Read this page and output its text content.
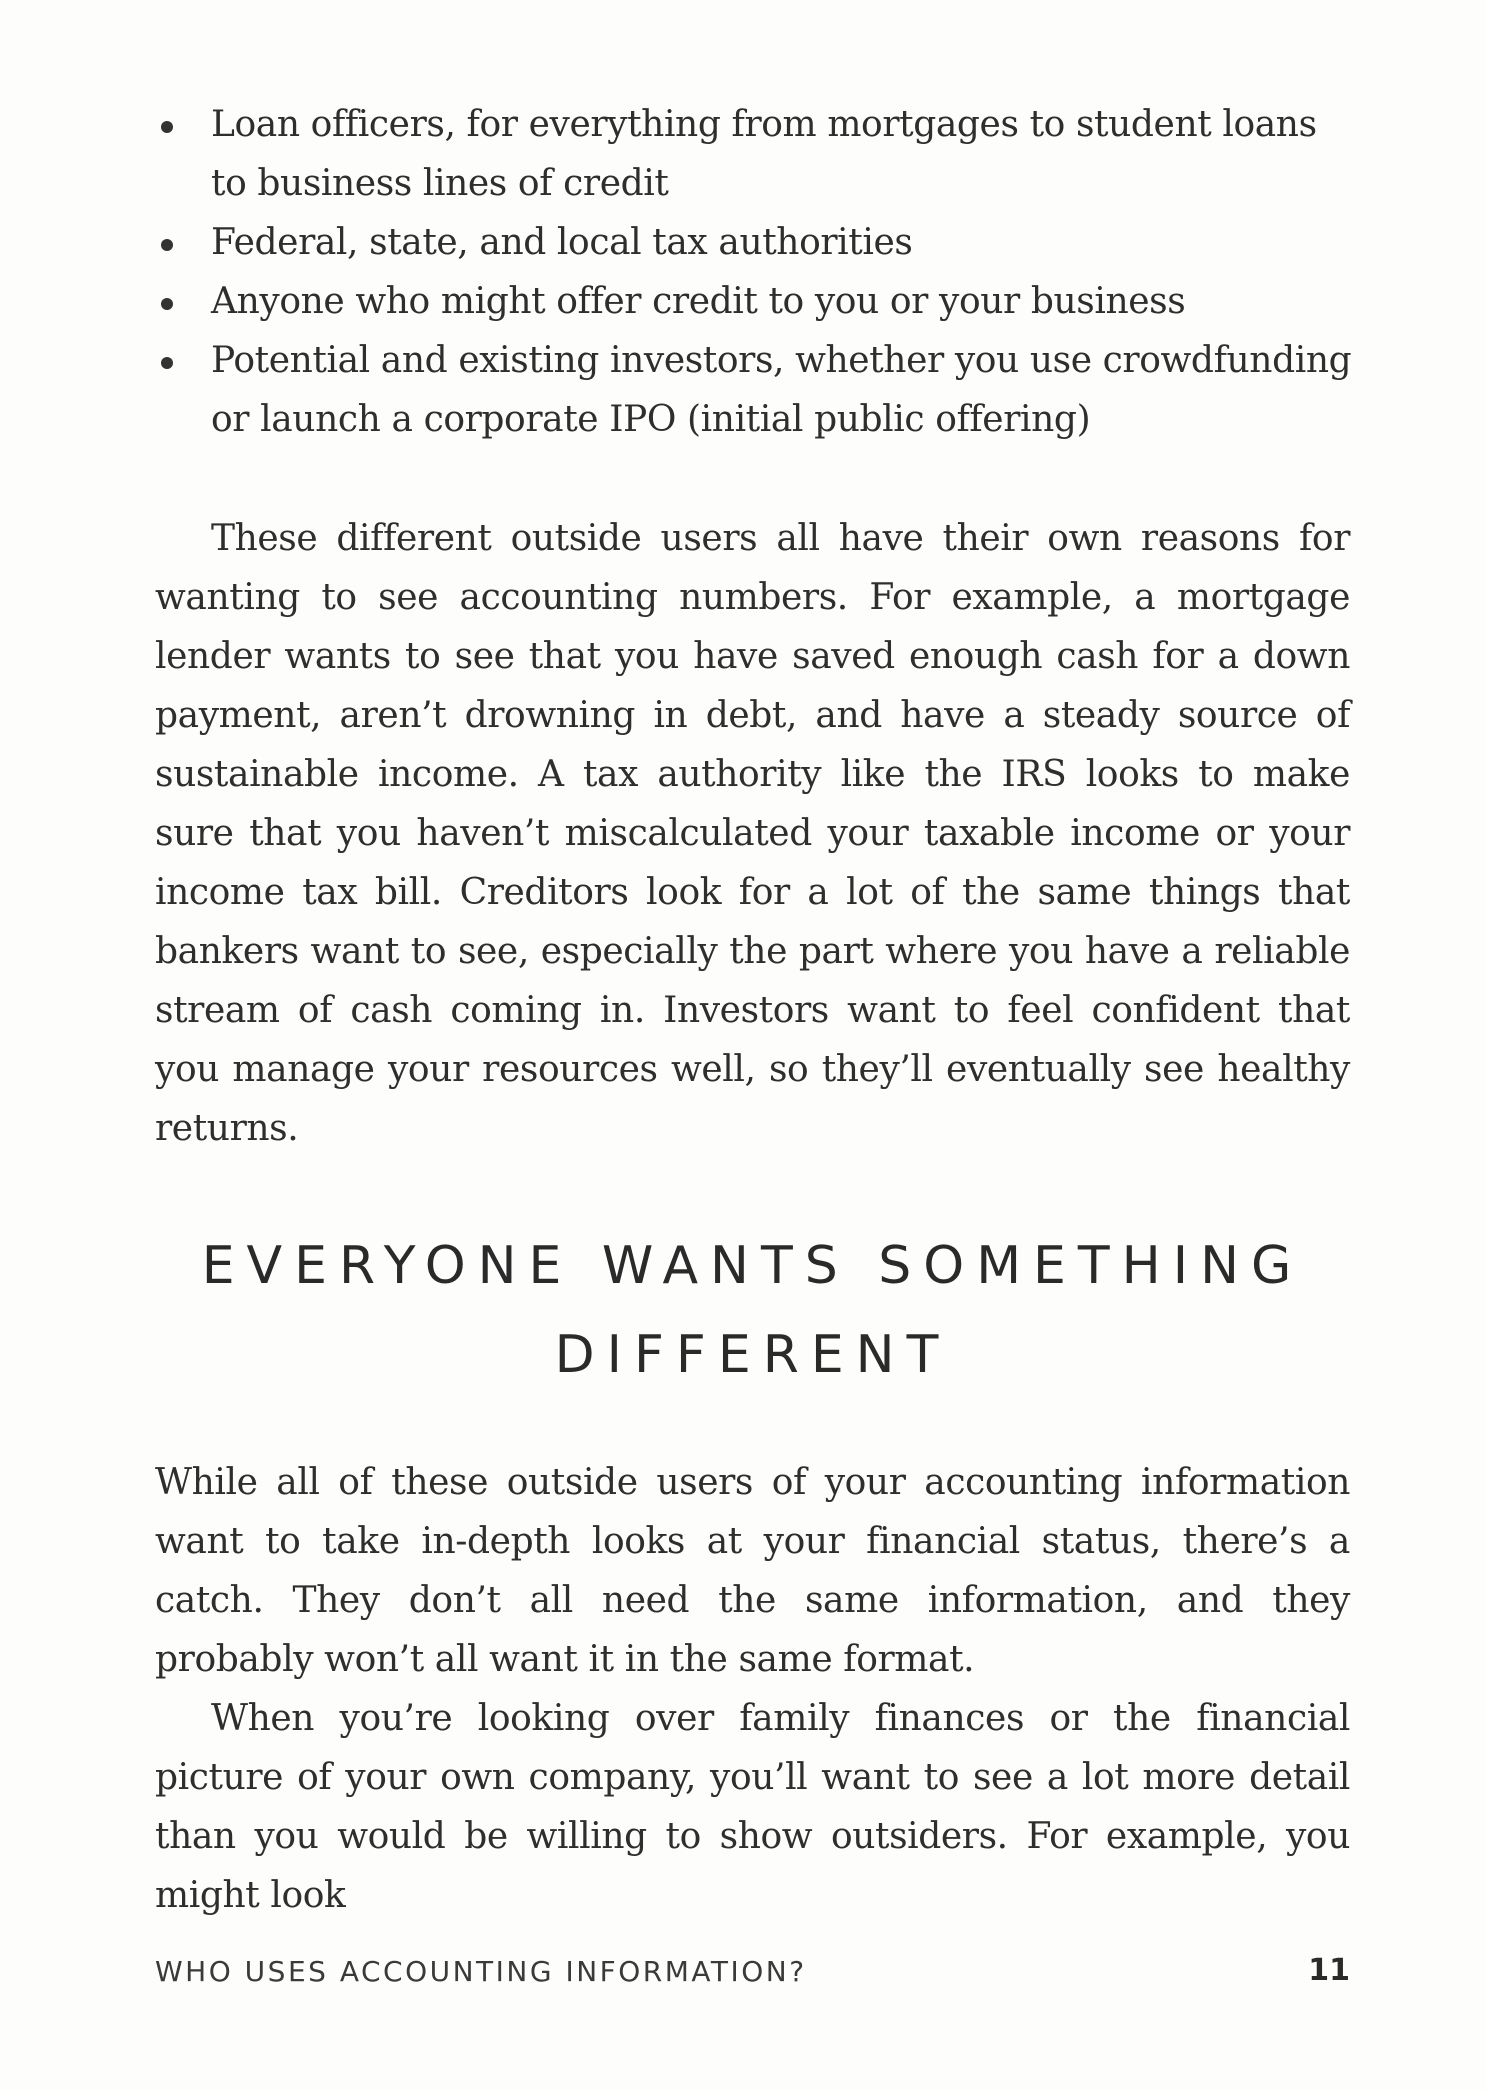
Loan officers, for everything from mortgages to student loans to business lines of credit
Federal, state, and local tax authorities
Anyone who might offer credit to you or your business
Potential and existing investors, whether you use crowdfunding or launch a corporate IPO (initial public offering)

These different outside users all have their own reasons for wanting to see accounting numbers. For example, a mortgage lender wants to see that you have saved enough cash for a down payment, aren’t drowning in debt, and have a steady source of sustainable income. A tax authority like the IRS looks to make sure that you haven’t miscalculated your taxable income or your income tax bill. Creditors look for a lot of the same things that bankers want to see, especially the part where you have a reliable stream of cash coming in. Investors want to feel confident that you manage your resources well, so they’ll eventually see healthy returns.

EVERYONE WANTS SOMETHING DIFFERENT

While all of these outside users of your accounting information want to take in-depth looks at your financial status, there’s a catch. They don’t all need the same information, and they probably won’t all want it in the same format.

When you’re looking over family finances or the financial picture of your own company, you’ll want to see a lot more detail than you would be willing to show outsiders. For example, you might look

WHO USES ACCOUNTING INFORMATION?	11
